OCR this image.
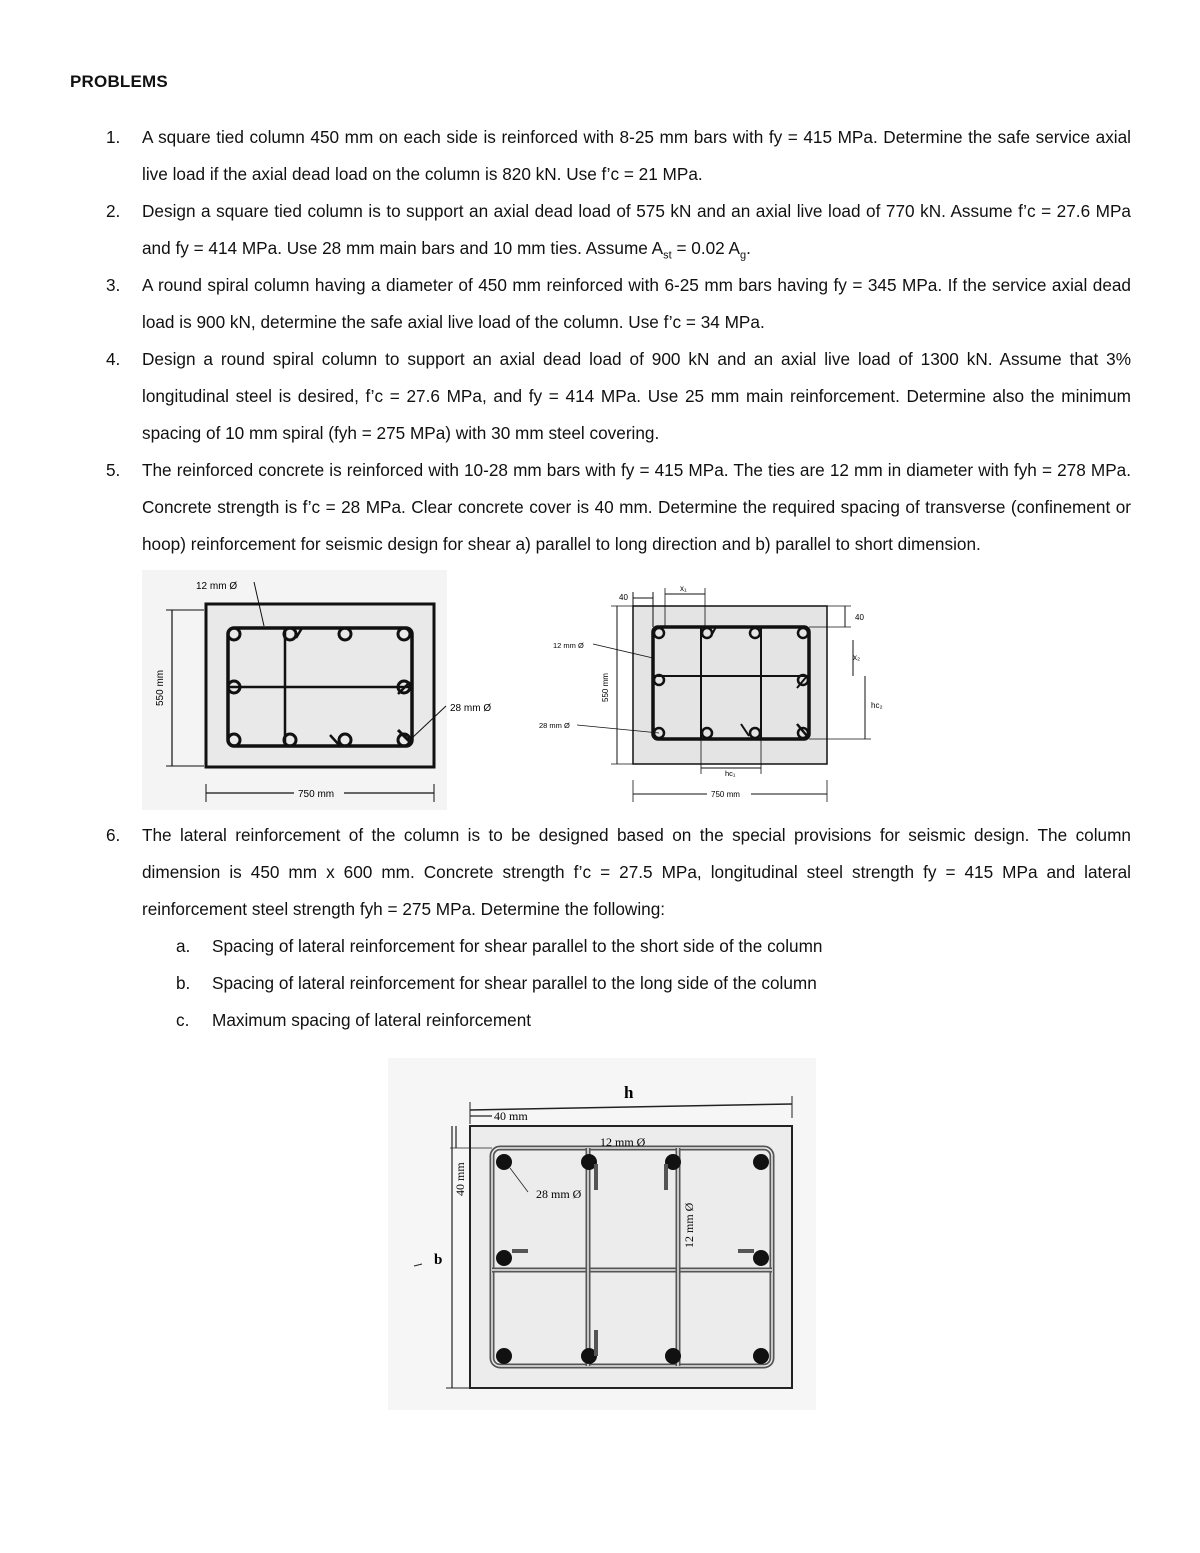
PROBLEMS
1.	A square tied column 450 mm on each side is reinforced with 8-25 mm bars with fy = 415 MPa. Determine the safe service axial live load if the axial dead load on the column is 820 kN. Use f’c = 21 MPa.
2.	Design a square tied column is to support an axial dead load of 575 kN and an axial live load of 770 kN. Assume f’c = 27.6 MPa and fy = 414 MPa. Use 28 mm main bars and 10 mm ties. Assume $A_{st} = 0.02$ $A_g$.
3.	A round spiral column having a diameter of 450 mm reinforced with 6-25 mm bars having fy = 345 MPa. If the service axial dead load is 900 kN, determine the safe axial live load of the column. Use f’c = 34 MPa.
4.	Design a round spiral column to support an axial dead load of 900 kN and an axial live load of 1300 kN. Assume that 3% longitudinal steel is desired, f’c = 27.6 MPa, and fy = 414 MPa. Use 25 mm main reinforcement. Determine also the minimum spacing of 10 mm spiral (fyh = 275 MPa) with 30 mm steel covering.
5.	The reinforced concrete is reinforced with 10-28 mm bars with fy = 415 MPa. The ties are 12 mm in diameter with fyh = 278 MPa. Concrete strength is f’c = 28 MPa. Clear concrete cover is 40 mm. Determine the required spacing of transverse (confinement or hoop) reinforcement for seismic design for shear a) parallel to long direction and b) parallel to short dimension.
550 mm
750 mm
12 mm Ø
28 mm Ø
40
x₁
40
x₂
hc₂
550 mm
12 mm Ø
28 mm Ø
hc₁
750 mm
6.	The lateral reinforcement of the column is to be designed based on the special provisions for seismic design. The column dimension is 450 mm x 600 mm. Concrete strength f’c = 27.5 MPa, longitudinal steel strength fy = 415 MPa and lateral reinforcement steel strength fyh = 275 MPa. Determine the following:
a. Spacing of lateral reinforcement for shear parallel to the short side of the column
b. Spacing of lateral reinforcement for shear parallel to the long side of the column
c. Maximum spacing of lateral reinforcement
h
40 mm
12 mm Ø
40 mm	28 mm Ø
12 mm Ø
b
